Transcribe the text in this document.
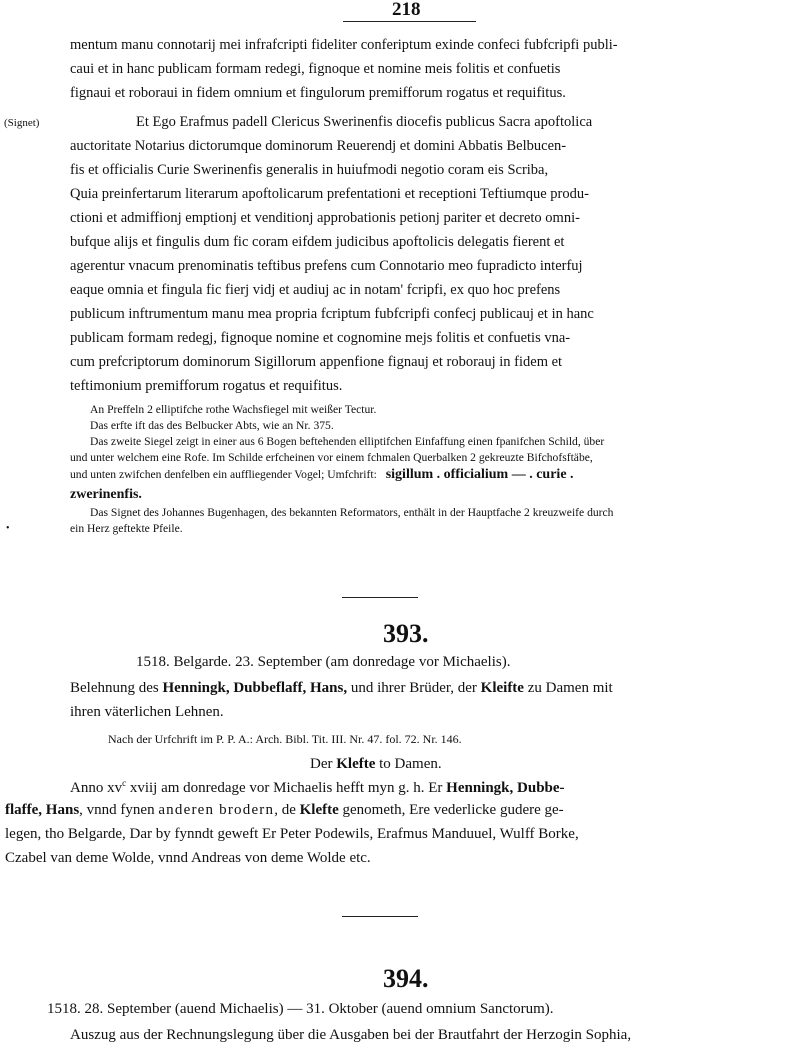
218
mentum manu connotarij mei infrafcripti fideliter conferiptum exinde confeci fubfcripfi publi-
caui et in hanc publicam formam redegi, fignoque et nomine meis folitis et confuetis
fignaui et roboraui in fidem omnium et fingulorum premifforum rogatus et requifitus.
(Signet)	Et Ego Erafmus padell Clericus Swerinenfis diocefis publicus Sacra apoftolica
auctoritate Notarius dictorumque dominorum Reuerendj et domini Abbatis Belbucen-
fis et officialis Curie Swerinenfis generalis in huiufmodi negotio coram eis Scriba,
Quia preinfertarum literarum apoftolicarum prefentationi et receptioni Teftiumque produ-
ctioni et admiffionj emptionj et venditionj approbationis petionj pariter et decreto omni-
bufque alijs et fingulis dum fic coram eifdem judicibus apoftolicis delegatis fierent et
agerentur vnacum prenominatis teftibus prefens cum Connotario meo fupradicto interfuj
eaque omnia et fingula fic fierj vidj et audiuj ac in notam' fcripfi, ex quo hoc prefens
publicum inftrumentum manu mea propria fcriptum fubfcripfi confecj publicauj et in hanc
publicam formam redegj, fignoque nomine et cognomine mejs folitis et confuetis vna-
cum prefcriptorum dominorum Sigillorum appenfione fignauj et roborauj in fidem et
teftimonium premifforum rogatus et requifitus.
An Preffeln 2 elliptifche rothe Wachsfiegel mit weißer Tectur.
Das erfte ift das des Belbucker Abts, wie an Nr. 375.
Das zweite Siegel zeigt in einer aus 6 Bogen beftehenden elliptifchen Einfaffung einen fpanifchen Schild, über
und unter welchem eine Rofe. Im Schilde erfcheinen vor einem fchmalen Querbalken 2 gekreuzte Bifchofsftäbe,
und unten zwifchen denfelben ein auffliegender Vogel; Umfchrift: sigillum . officialium — . curie .
zwerinenfis.
Das Signet des Johannes Bugenhagen, des bekannten Reformators, enthält in der Hauptfache 2 kreuzweife durch
ein Herz geftekte Pfeile.
•
393.
1518. Belgarde. 23. September (am donredage vor Michaelis).
Belehnung des Henningk, Dubbeflaff, Hans, und ihrer Brüder, der Kleifte zu Damen mit
ihren väterlichen Lehnen.
Nach der Urfchrift im P. P. A.: Arch. Bibl. Tit. III. Nr. 47. fol. 72. Nr. 146.
Der Klefte to Damen.
Anno $xv^c$ xviij am donredage vor Michaelis hefft myn g. h. Er Henningk, Dubbe-
flaffe, Hans, vnnd fynen anderen brodern, de Klefte genometh, Ere vederlicke gudere ge-
legen, tho Belgarde, Dar by fynndt geweft Er Peter Podewils, Erafmus Manduuel, Wulff Borke,
Czabel van deme Wolde, vnnd Andreas von deme Wolde etc.
394.
1518. 28. September (auend Michaelis) — 31. Oktober (auend omnium Sanctorum).
Auszug aus der Rechnungslegung über die Ausgaben bei der Brautfahrt der Herzogin Sophia,
